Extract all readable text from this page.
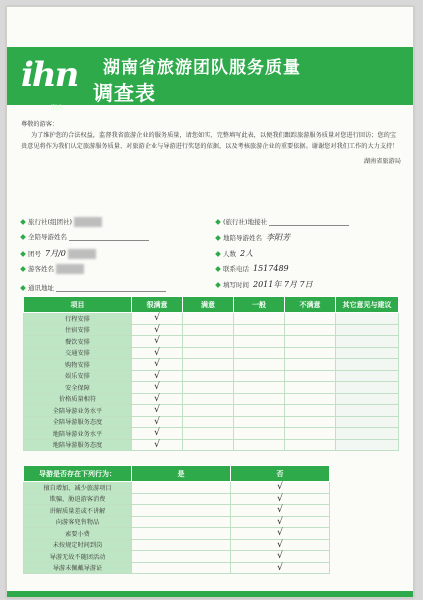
ihn
湖南
湖南省旅游团队服务质量
调查表
尊敬的游客：
为了维护您的合法权益，监督我省旅游企业的服务质量，请您如实、完整填写此表，以便我们跟踪旅游服务质量对您进行回访；您的宝贵意见将作为我们认定旅游服务质量、对旅游企业与导游进行奖惩的依据，以及考核旅游企业的重要依据。谢谢您对我们工作的大力支持！
湖南省旅游局
旅行社(组团社)	(旅行社)地接社
全陪导游姓名	地陪导游姓名 李阳芳
团号 7月/0	人数 2人
游客姓名	联系电话 1517489
填写时间 2011年 7月 7日
通讯地址
项目	很满意	满意	一般	不满意	其它意见与建议
行程安排	√				
住宿安排	√				
餐饮安排	√				
交通安排	√				
购物安排	√				
娱乐安排	√				
安全保障	√				
价格质量相符	√				
全陪导游业务水平	√				
全陪导游服务态度	√				
地陪导游业务水平	√				
地陪导游服务态度	√				
导游是否存在下列行为：	是	否	
擅自增加、减少旅游项目		√	
欺骗、胁迫游客消费		√	
讲解质量差或不讲解		√	
向游客兜售物品		√	
索要小费		√	
未按规定时间到岗		√	
导游无故不随团活动		√	
导游未佩戴导游证		√	
